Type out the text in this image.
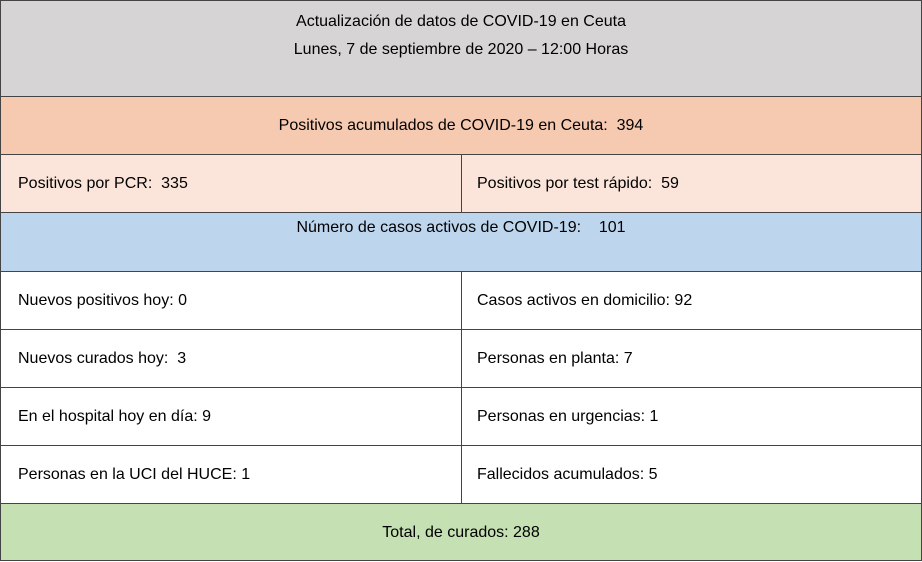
Actualización de datos de COVID-19 en Ceuta
Lunes, 7 de septiembre de 2020 – 12:00 Horas
Positivos acumulados de COVID-19 en Ceuta:  394
Positivos por PCR:  335	Positivos por test rápido:  59
Número de casos activos de COVID-19:    101
Nuevos positivos hoy: 0	Casos activos en domicilio: 92
Nuevos curados hoy:  3	Personas en planta: 7
En el hospital hoy en día: 9	Personas en urgencias: 1
Personas en la UCI del HUCE: 1	Fallecidos acumulados: 5
Total, de curados: 288
